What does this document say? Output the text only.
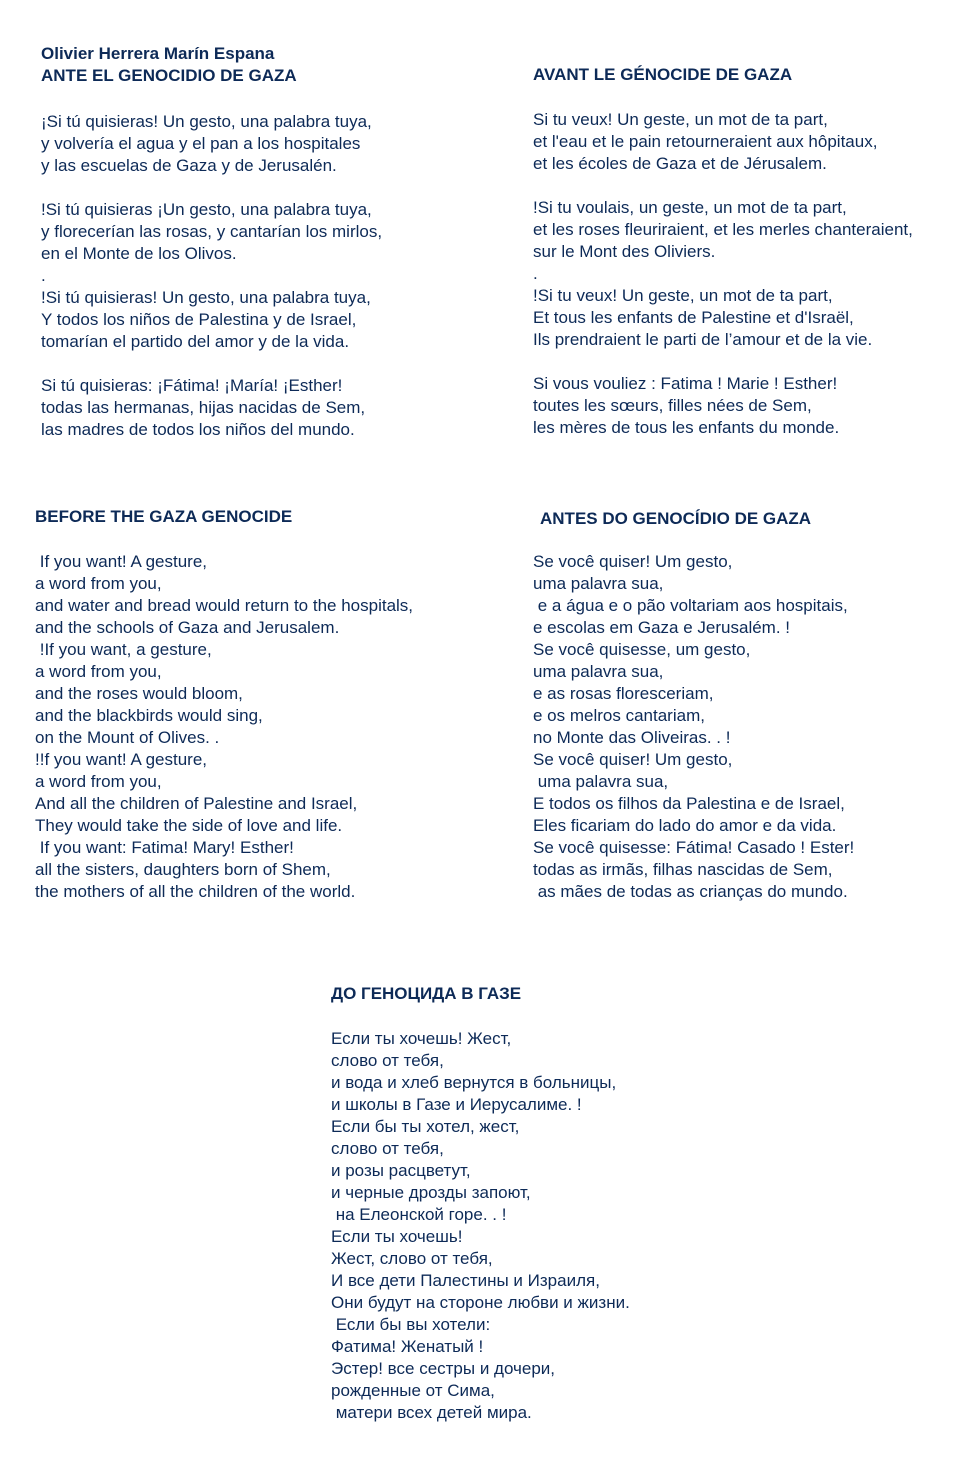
Olivier Herrera Marín Espana

ANTE EL GENOCIDIO DE GAZA

¡Si tú quisieras! Un gesto, una palabra tuya,
y volvería el agua y el pan a los hospitales
y las escuelas de Gaza y de Jerusalén.
!Si tú quisieras ¡Un gesto, una palabra tuya,
y florecerían las rosas, y cantarían los mirlos,
en el Monte de los Olivos.
.
!Si tú quisieras! Un gesto, una palabra tuya,
Y todos los niños de Palestina y de Israel,
tomarían el partido del amor y de la vida.
Si tú quisieras: ¡Fátima! ¡María! ¡Esther!
todas las hermanas, hijas nacidas de Sem,
las madres de todos los niños del mundo.

AVANT LE GÉNOCIDE DE GAZA

Si tu veux! Un geste, un mot de ta part,
et l'eau et le pain retourneraient aux hôpitaux,
et les écoles de Gaza et de Jérusalem.
!Si tu voulais, un geste, un mot de ta part,
et les roses fleuriraient, et les merles chanteraient,
sur le Mont des Oliviers.
.
!Si tu veux! Un geste, un mot de ta part,
Et tous les enfants de Palestine et d'Israël,
Ils prendraient le parti de l’amour et de la vie.
Si vous vouliez : Fatima ! Marie ! Esther!
toutes les sœurs, filles nées de Sem,
les mères de tous les enfants du monde.

BEFORE THE GAZA GENOCIDE

If you want! A gesture,
a word from you,
and water and bread would return to the hospitals,
and the schools of Gaza and Jerusalem.
!If you want, a gesture,
a word from you,
and the roses would bloom,
and the blackbirds would sing,
on the Mount of Olives. .
!!f you want! A gesture,
a word from you,
And all the children of Palestine and Israel,
They would take the side of love and life.
If you want: Fatima! Mary! Esther!
all the sisters, daughters born of Shem,
the mothers of all the children of the world.

ANTES DO GENOCÍDIO DE GAZA

Se você quiser! Um gesto,
uma palavra sua,
e a água e o pão voltariam aos hospitais,
e escolas em Gaza e Jerusalém. !
Se você quisesse, um gesto,
uma palavra sua,
e as rosas floresceriam,
e os melros cantariam,
no Monte das Oliveiras. . !
Se você quiser! Um gesto,
uma palavra sua,
E todos os filhos da Palestina e de Israel,
Eles ficariam do lado do amor e da vida.
Se você quisesse: Fátima! Casado ! Ester!
todas as irmãs, filhas nascidas de Sem,
as mães de todas as crianças do mundo.

ДО ГЕНОЦИДА В ГАЗЕ

Если ты хочешь! Жест,
слово от тебя,
и вода и хлеб вернутся в больницы,
и школы в Газе и Иерусалиме. !
Если бы ты хотел, жест,
слово от тебя,
и розы расцветут,
и черные дрозды запоют,
на Елеонской горе. . !
Если ты хочешь!
Жест, слово от тебя,
И все дети Палестины и Израиля,
Они будут на стороне любви и жизни.
Если бы вы хотели:
Фатима! Женатый !
Эстер! все сестры и дочери,
рожденные от Сима,
матери всех детей мира.
